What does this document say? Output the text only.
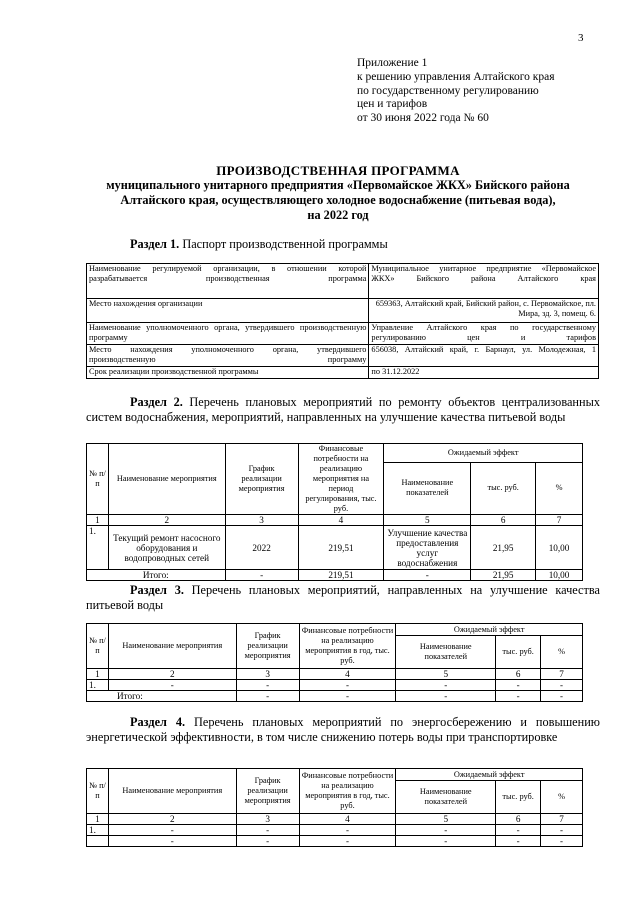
3
Приложение 1
к решению управления Алтайского края
по государственному регулированию
цен и тарифов
от 30 июня 2022 года № 60
ПРОИЗВОДСТВЕННАЯ ПРОГРАММА
муниципального унитарного предприятия «Первомайское ЖКХ» Бийского района
Алтайского края, осуществляющего холодное водоснабжение (питьевая вода),
на 2022 год
Раздел 1. Паспорт производственной программы
Наименование регулируемой организации, в отношении которой разрабатывается производственная программа	Муниципальное унитарное предприятие «Первомайское ЖКХ» Бийского района Алтайского края
Место нахождения организации	659363, Алтайский край, Бийский район, с. Первомайское, пл. Мира, зд. 3, помещ. 6.
Наименование уполномоченного органа, утвердившего производственную программу	Управление Алтайского края по государственному регулированию цен и тарифов
Место нахождения уполномоченного органа, утвердившего производственную программу	656038, Алтайский край, г. Барнаул, ул. Молодежная, 1
Срок реализации производственной программы	по 31.12.2022
Раздел 2. Перечень плановых мероприятий по ремонту объектов централизованных систем водоснабжения, мероприятий, направленных на улучшение качества питьевой воды
№ п/п	Наименование мероприятия	График реализации мероприятия	Финансовые потребности на реализацию мероприятия на период регулирования, тыс. руб.	Ожидаемый эффект		
				Наименование показателей	тыс. руб.	%
1	2	3	4	5	6	7
1.	Текущий ремонт насосного оборудования и водопроводных сетей	2022	219,51	Улучшение качества предоставления услуг водоснабжения	21,95	10,00
Итого:		-	219,51	-	21,95	10,00
Раздел 3. Перечень плановых мероприятий, направленных на улучшение качества питьевой воды
№ п/п	Наименование мероприятия	График реализации мероприятия	Финансовые потребности на реализацию мероприятия в год, тыс. руб.	Ожидаемый эффект		
				Наименование показателей	тыс. руб.	%
1	2	3	4	5	6	7
1.	-	-	-	-	-	-
Итого:		-	-	-	-	-
Раздел 4. Перечень плановых мероприятий по энергосбережению и повышению энергетической эффективности, в том числе снижению потерь воды при транспортировке
№ п/п	Наименование мероприятия	График реализации мероприятия	Финансовые потребности на реализацию мероприятия в год, тыс. руб.	Ожидаемый эффект		
				Наименование показателей	тыс. руб.	%
1	2	3	4	5	6	7
1.	-	-	-	-	-	-
	-	-	-	-	-	-
